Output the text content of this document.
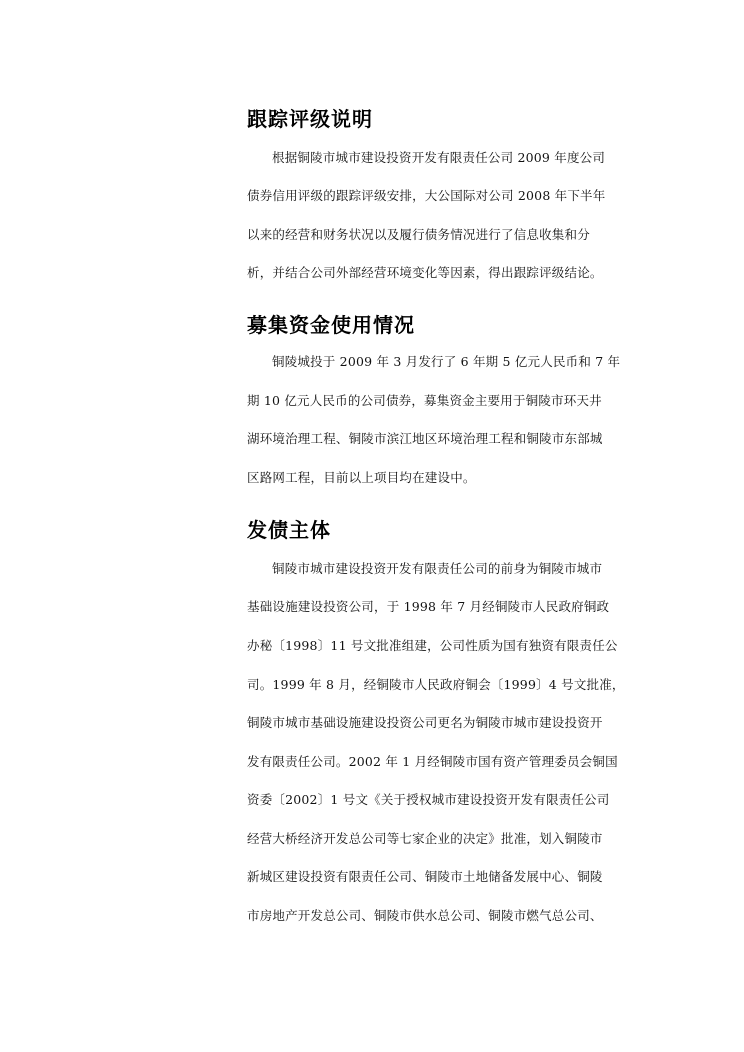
跟踪评级说明

根据铜陵市城市建设投资开发有限责任公司 2009 年度公司

债券信用评级的跟踪评级安排，大公国际对公司 2008 年下半年

以来的经营和财务状况以及履行债务情况进行了信息收集和分

析，并结合公司外部经营环境变化等因素，得出跟踪评级结论。

募集资金使用情况

铜陵城投于 2009 年 3 月发行了 6 年期 5 亿元人民币和 7 年

期 10 亿元人民币的公司债券，募集资金主要用于铜陵市环天井

湖环境治理工程、铜陵市滨江地区环境治理工程和铜陵市东部城

区路网工程，目前以上项目均在建设中。

发债主体

铜陵市城市建设投资开发有限责任公司的前身为铜陵市城市

基础设施建设投资公司，于 1998 年 7 月经铜陵市人民政府铜政

办秘〔1998〕11 号文批准组建，公司性质为国有独资有限责任公

司。1999 年 8 月，经铜陵市人民政府铜会〔1999〕4 号文批准，

铜陵市城市基础设施建设投资公司更名为铜陵市城市建设投资开

发有限责任公司。2002 年 1 月经铜陵市国有资产管理委员会铜国

资委〔2002〕1 号文《关于授权城市建设投资开发有限责任公司

经营大桥经济开发总公司等七家企业的决定》批准，划入铜陵市

新城区建设投资有限责任公司、铜陵市土地储备发展中心、铜陵

市房地产开发总公司、铜陵市供水总公司、铜陵市燃气总公司、
